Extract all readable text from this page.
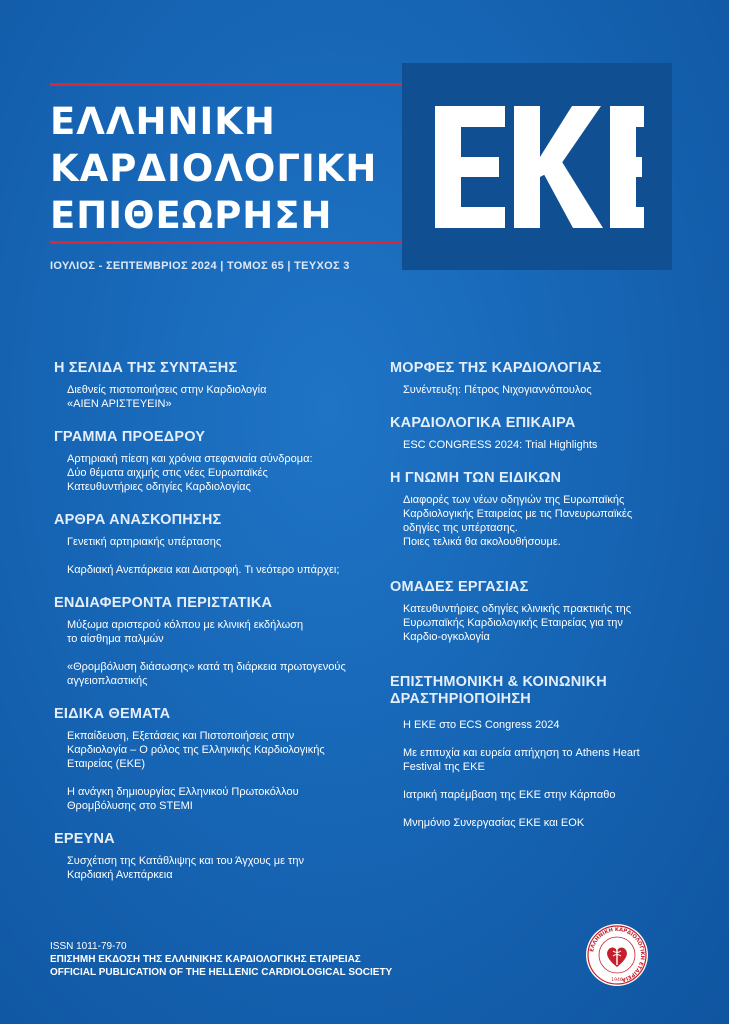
ΕΛΛΗΝΙΚΗ
ΚΑΡΔΙΟΛΟΓΙΚΗ
ΕΠΙΘΕΩΡΗΣΗ
ΙΟΥΛΙΟΣ - ΣΕΠΤΕΜΒΡΙΟΣ 2024 | ΤΟΜΟΣ 65 | ΤΕΥΧΟΣ 3
Η ΣΕΛΙΔΑ ΤΗΣ ΣΥΝΤΑΞΗΣ
Διεθνείς πιστοποιήσεις στην Καρδιολογία
«ΑΙΕΝ ΑΡΙΣΤΕΥΕΙΝ»
ΓΡΑΜΜΑ ΠΡΟΕΔΡΟΥ
Αρτηριακή πίεση και χρόνια στεφανιαία σύνδρομα:
Δύο θέματα αιχμής στις νέες Ευρωπαϊκές
Κατευθυντήριες οδηγίες Καρδιολογίας
ΑΡΘΡΑ ΑΝΑΣΚΟΠΗΣΗΣ
Γενετική αρτηριακής υπέρτασης
Καρδιακή Ανεπάρκεια και Διατροφή. Τι νεότερο υπάρχει;
ΕΝΔΙΑΦΕΡΟΝΤΑ ΠΕΡΙΣΤΑΤΙΚΑ
Μύξωμα αριστερού κόλπου με κλινική εκδήλωση
το αίσθημα παλμών
«Θρομβόλυση διάσωσης» κατά τη διάρκεια πρωτογενούς
αγγειοπλαστικής
ΕΙΔΙΚΑ ΘΕΜΑΤΑ
Εκπαίδευση, Εξετάσεις και Πιστοποιήσεις στην
Καρδιολογία – Ο ρόλος της Ελληνικής Καρδιολογικής
Εταιρείας (ΕΚΕ)
Η ανάγκη δημιουργίας Ελληνικού Πρωτοκόλλου
Θρομβόλυσης στο STEMI
ΕΡΕΥΝΑ
Συσχέτιση της Κατάθλιψης και του Άγχους με την
Καρδιακή Ανεπάρκεια
ΜΟΡΦΕΣ ΤΗΣ ΚΑΡΔΙΟΛΟΓΙΑΣ
Συνέντευξη: Πέτρος Νιχογιαννόπουλος
ΚΑΡΔΙΟΛΟΓΙΚΑ ΕΠΙΚΑΙΡΑ
ESC CONGRESS 2024: Trial Highlights
Η ΓΝΩΜΗ ΤΩΝ ΕΙΔΙΚΩΝ
Διαφορές των νέων οδηγιών της Ευρωπαϊκής
Καρδιολογικής Εταιρείας με τις Πανευρωπαϊκές
οδηγίες της υπέρτασης.
Ποιες τελικά θα ακολουθήσουμε.
ΟΜΑΔΕΣ ΕΡΓΑΣΙΑΣ
Κατευθυντήριες οδηγίες κλινικής πρακτικής της
Ευρωπαϊκής Καρδιολογικής Εταιρείας για την
Καρδιο-ογκολογία
ΕΠΙΣΤΗΜΟΝΙΚΗ & ΚΟΙΝΩΝΙΚΗ
ΔΡΑΣΤΗΡΙΟΠΟΙΗΣΗ
Η ΕΚΕ στο ECS Congress 2024
Με επιτυχία και ευρεία απήχηση το Athens Heart
Festival της ΕΚΕ
Ιατρική παρέμβαση της ΕΚΕ στην Κάρπαθο
Μνημόνιο Συνεργασίας ΕΚΕ και ΕΟΚ
ISSN 1011-79-70
ΕΠΙΣΗΜΗ ΕΚΔΟΣΗ ΤΗΣ ΕΛΛΗΝΙΚΗΣ ΚΑΡΔΙΟΛΟΓΙΚΗΣ ΕΤΑΙΡΕΙΑΣ
OFFICIAL PUBLICATION OF THE HELLENIC CARDIOLOGICAL SOCIETY
ΕΛΛΗΝΙΚΗ ΚΑΡΔΙΟΛΟΓΙΚΗ ΕΤΑΙΡΕΙΑ
1946
